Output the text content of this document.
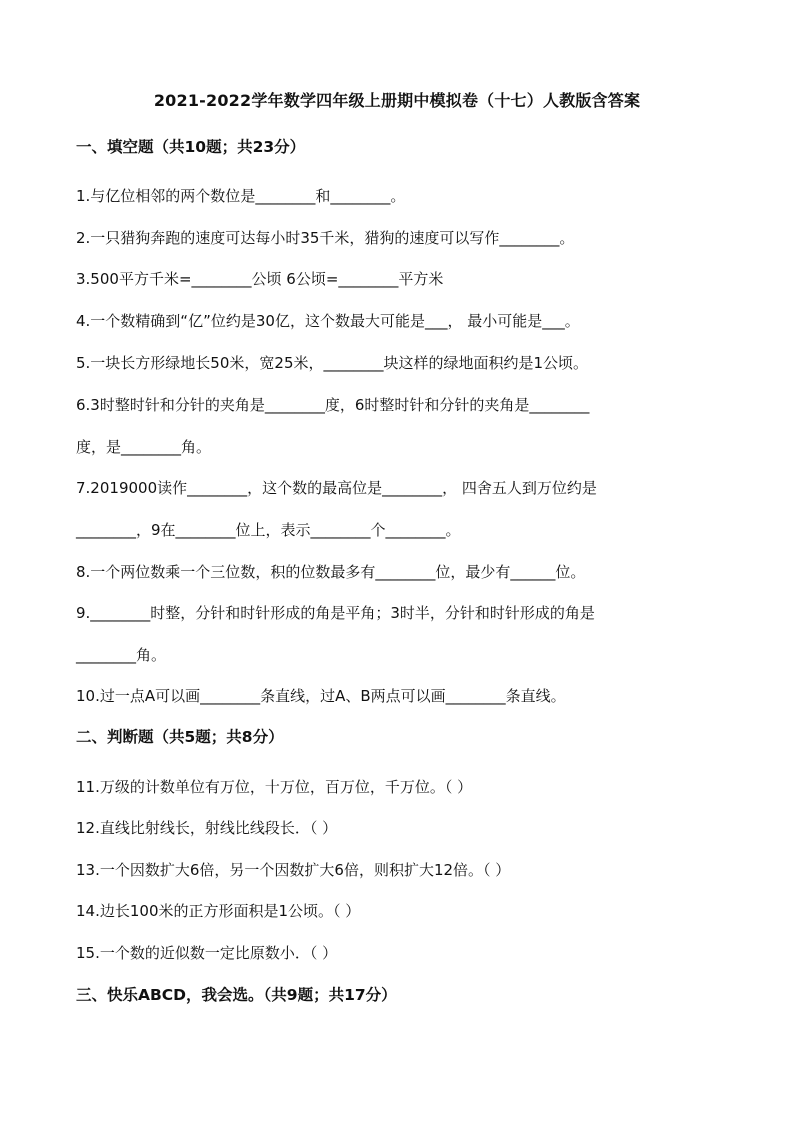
2021-2022学年数学四年级上册期中模拟卷（十七）人教版含答案
一、填空题（共10题；共23分）
1.与亿位相邻的两个数位是________和________。
2.一只猎狗奔跑的速度可达每小时35千米，猎狗的速度可以写作________。
3.500平方千米=________公顷 6公顷=________平方米
4.一个数精确到“亿”位约是30亿，这个数最大可能是___， 最小可能是___。
5.一块长方形绿地长50米，宽25米，________块这样的绿地面积约是1公顷。
6.3时整时针和分针的夹角是________度，6时整时针和分针的夹角是________
度，是________角。
7.2019000读作________，这个数的最高位是________， 四舍五人到万位约是
________，9在________位上，表示________个________。
8.一个两位数乘一个三位数，积的位数最多有________位，最少有______位。
9.________时整，分针和时针形成的角是平角；3时半，分针和时针形成的角是
________角。
10.过一点A可以画________条直线，过A、B两点可以画________条直线。
二、判断题（共5题；共8分）
11.万级的计数单位有万位，十万位，百万位，千万位。（ ）
12.直线比射线长，射线比线段长．（ ）
13.一个因数扩大6倍，另一个因数扩大6倍，则积扩大12倍。（ ）
14.边长100米的正方形面积是1公顷。（ ）
15.一个数的近似数一定比原数小．（ ）
三、快乐ABCD，我会选。（共9题；共17分）
